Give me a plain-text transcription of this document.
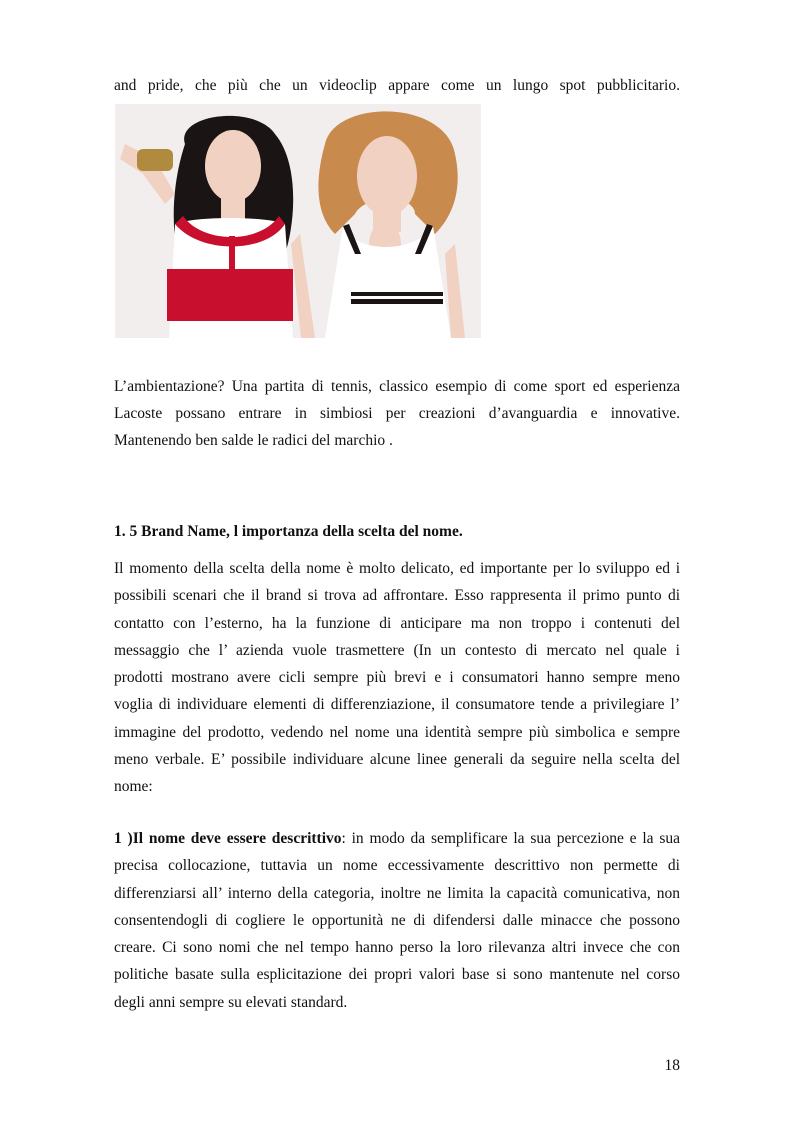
and pride, che più che un videoclip appare come un lungo spot pubblicitario.

L’ambientazione? Una partita di tennis, classico esempio di come sport ed esperienza
Lacoste possano entrare in simbiosi per creazioni d’avanguardia e innovative.
Mantenendo ben salde le radici del marchio .

1. 5 Brand Name, l importanza della scelta del nome.

Il momento della scelta della nome è molto delicato, ed importante per lo sviluppo ed i
possibili scenari che il brand si trova ad affrontare. Esso rappresenta il primo punto di
contatto con l’esterno, ha la funzione di anticipare ma non troppo i contenuti del
messaggio che l’ azienda vuole trasmettere (In un contesto di mercato nel quale i
prodotti mostrano avere cicli sempre più brevi e i consumatori hanno sempre meno
voglia di individuare elementi di differenziazione, il consumatore tende a privilegiare l’
immagine del prodotto, vedendo nel nome una identità sempre più simbolica e sempre
meno verbale. E’ possibile individuare alcune linee generali da seguire nella scelta del
nome:

1 )Il nome deve essere descrittivo: in modo da semplificare la sua percezione e la sua
precisa collocazione, tuttavia un nome eccessivamente descrittivo non permette di
differenziarsi all’ interno della categoria, inoltre ne limita la capacità comunicativa, non
consentendogli di cogliere le opportunità ne di difendersi dalle minacce che possono
creare. Ci sono nomi che nel tempo hanno perso la loro rilevanza altri invece che con
politiche basate sulla esplicitazione dei propri valori base si sono mantenute nel corso
degli anni sempre su elevati standard.

18
